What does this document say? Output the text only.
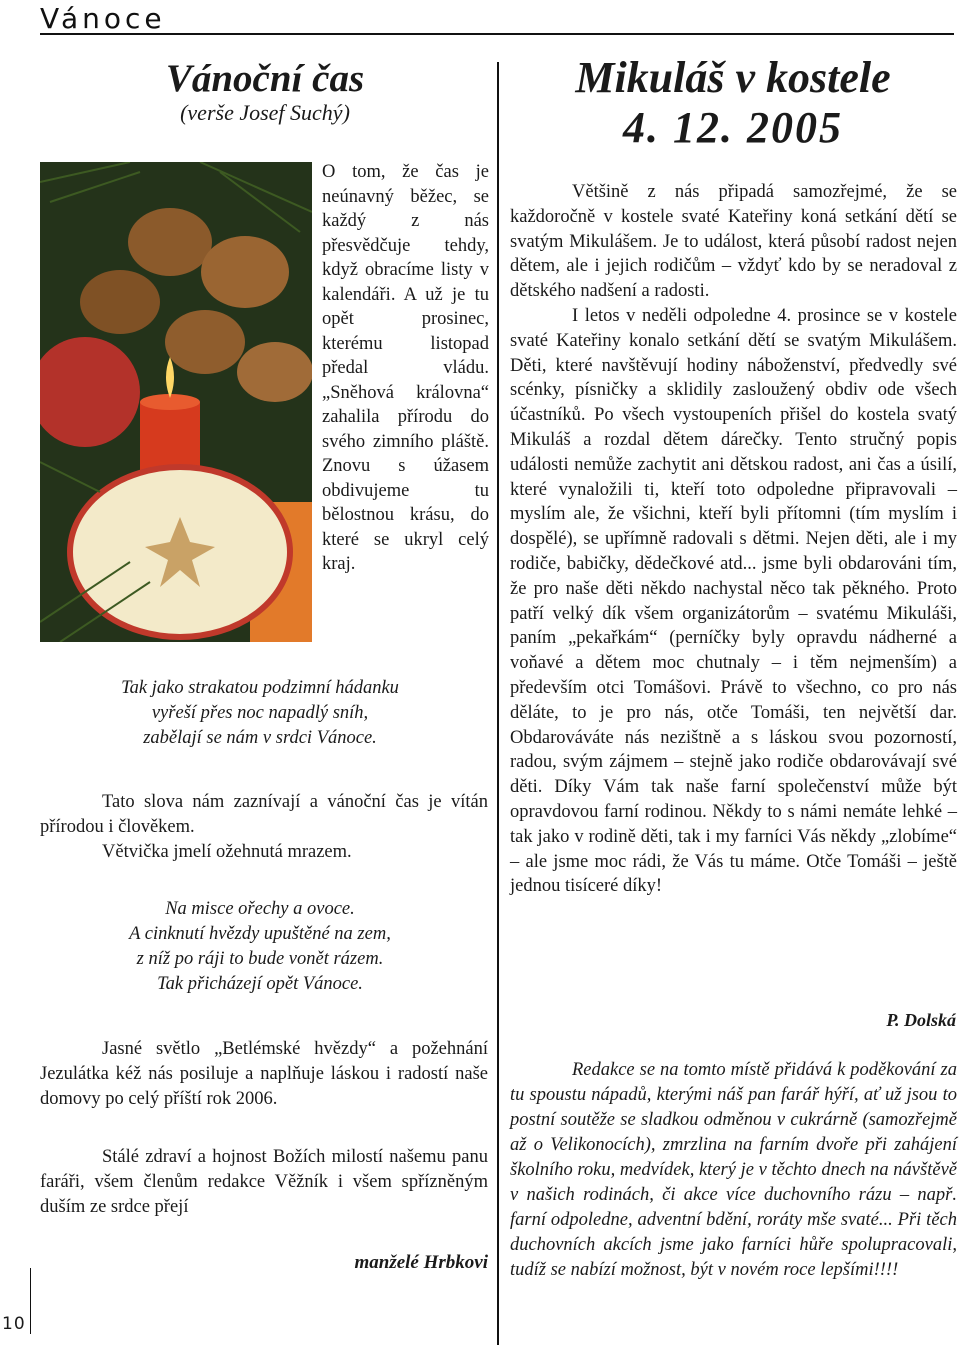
Vánoce
10
Vánoční čas
(verše Josef Suchý)
O tom, že čas je neúnavný běžec, se každý z nás přesvědčuje tehdy, když obracíme listy v kalendáři. A už je tu opět prosinec, kterému listopad předal vládu. „Sněhová královna“ zahalila přírodu do svého zimního pláště. Znovu s úžasem obdivujeme tu bělostnou krásu, do které se ukryl celý kraj.
Tak jako strakatou podzimní hádanku
vyřeší přes noc napadlý sníh,
zabělají se nám v srdci Vánoce.
Tato slova nám zaznívají a vánoční čas je vítán přírodou i člověkem.
Větvička jmelí ožehnutá mrazem.
Na misce ořechy a ovoce.
A cinknutí hvězdy upuštěné na zem,
z níž po ráji to bude vonět rázem.
Tak přicházejí opět Vánoce.
Jasné světlo „Betlémské hvězdy“ a požehnání Jezulátka kéž nás posiluje a naplňuje láskou i radostí naše domovy po celý příští rok 2006.
Stálé zdraví a hojnost Božích milostí našemu panu faráři, všem členům redakce Věžník i všem spřízněným duším ze srdce přejí
manželé Hrbkovi
Mikuláš v kostele
4. 12. 2005

Většině z nás připadá samozřejmé, že se každoročně v kostele svaté Kateřiny koná setkání dětí se svatým Mikulášem. Je to událost, která působí radost nejen dětem, ale i jejich rodičům – vždyť kdo by se neradoval z dětského nadšení a radosti.

I letos v neděli odpoledne 4. prosince se v kostele svaté Kateřiny konalo setkání dětí se svatým Mikulášem. Děti, které navštěvují hodiny náboženství, předvedly své scénky, písničky a sklidily zasloužený obdiv ode všech účastníků. Po všech vystoupeních přišel do kostela svatý Mikuláš a rozdal dětem dárečky. Tento stručný popis události nemůže zachytit ani dětskou radost, ani čas a úsilí, které vynaložili ti, kteří toto odpoledne připravovali – myslím ale, že všichni, kteří byli přítomni (tím myslím i dospělé), se upřímně radovali s dětmi. Nejen děti, ale i my rodiče, babičky, dědečkové atd... jsme byli obdarováni tím, že pro naše děti někdo nachystal něco tak pěkného. Proto patří velký dík všem organizátorům – svatému Mikuláši, paním „pekařkám“ (perníčky byly opravdu nádherné a voňavé a dětem moc chutnaly – i těm nejmenším) a především otci Tomášovi. Právě to všechno, co pro nás děláte, to je pro nás, otče Tomáši, ten největší dar. Obdarováváte nás nezištně a s láskou svou pozorností, radou, svým zájmem – stejně jako rodiče obdarovávají své děti. Díky Vám tak naše farní společenství může být opravdovou farní rodinou. Někdy to s námi nemáte lehké – tak jako v rodině děti, tak i my farníci Vás někdy „zlobíme“ – ale jsme moc rádi, že Vás tu máme. Otče Tomáši – ještě jednou tisíceré díky!

P. Dolská
Redakce se na tomto místě přidává k poděkování za tu spoustu nápadů, kterými náš pan farář hýří, ať už jsou to postní soutěže se sladkou odměnou v cukrárně (samozřejmě až o Velikonocích), zmrzlina na farním dvoře při zahájení školního roku, medvídek, který je v těchto dnech na návštěvě v našich rodinách, či akce více duchovního rázu – např. farní odpoledne, adventní bdění, roráty mše svaté... Při těch duchovních akcích jsme jako farníci hůře spolupracovali, tudíž se nabízí možnost, být v novém roce lepšími!!!!
